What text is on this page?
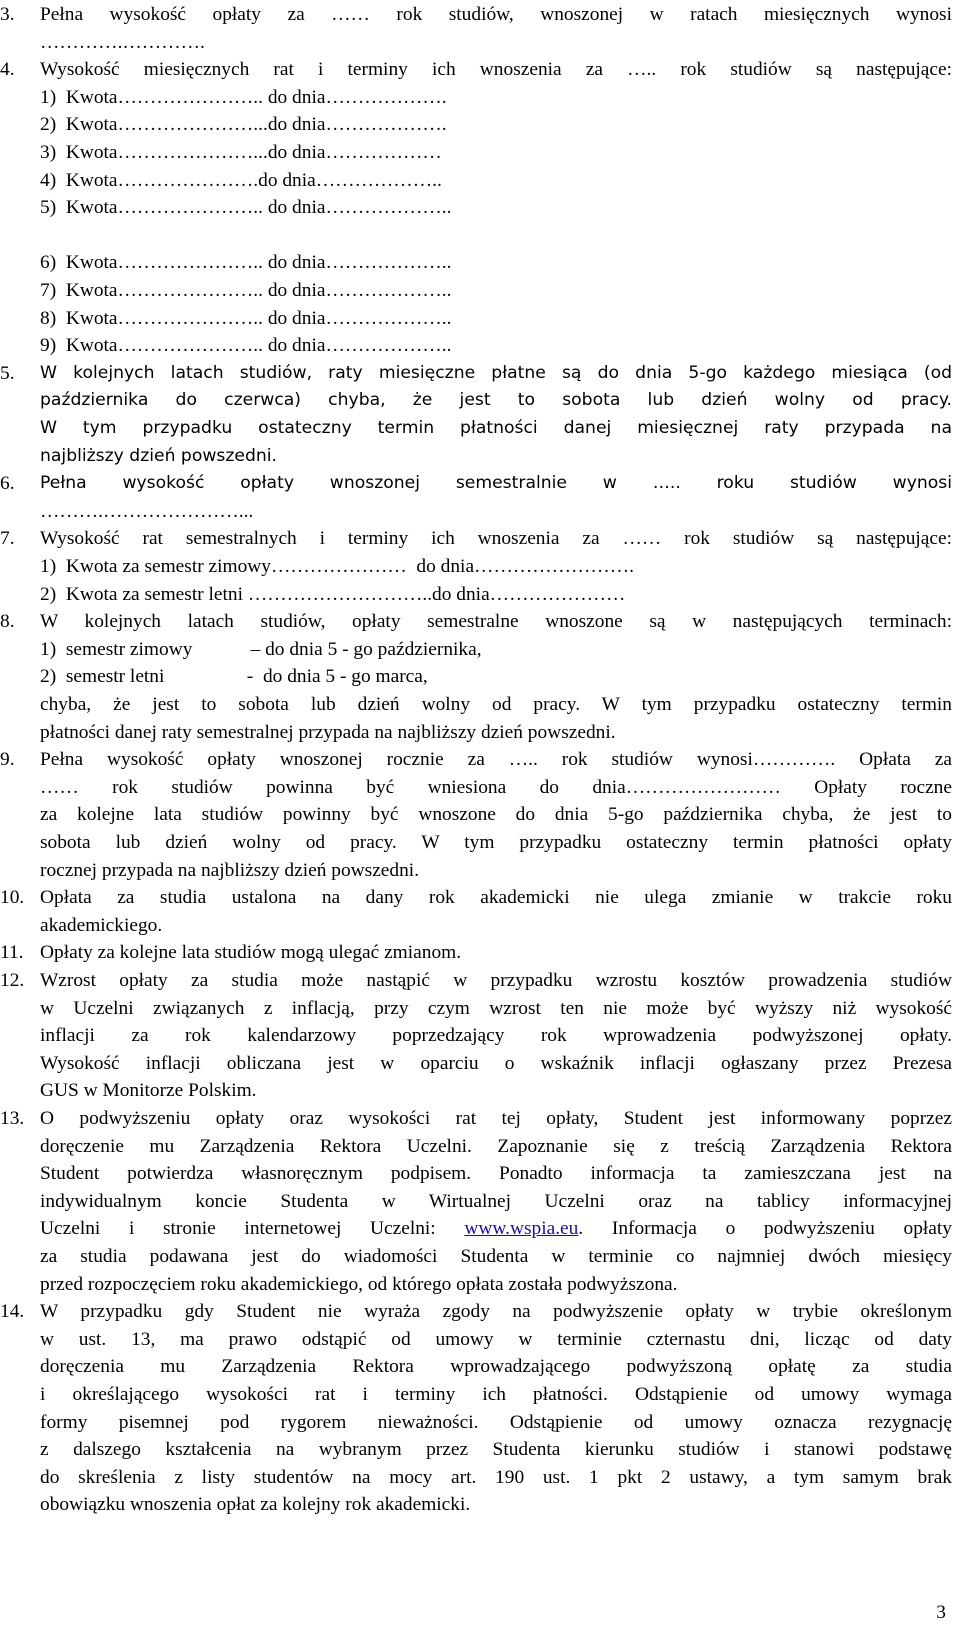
3. Pełna wysokość opłaty za …… rok studiów, wnoszonej w ratach miesięcznych wynosi
………….………….
4. Wysokość miesięcznych rat i terminy ich wnoszenia za ….. rok studiów są następujące:
1)  Kwota………………….. do dnia……………….
2)  Kwota…………………...do dnia……………….
3)  Kwota…………………...do dnia………………
4)  Kwota………………….do dnia………………..
5)  Kwota………………….. do dnia………………..
6)  Kwota………………….. do dnia………………..
7)  Kwota………………….. do dnia………………..
8)  Kwota………………….. do dnia………………..
9)  Kwota………………….. do dnia………………..
5. W kolejnych latach studiów, raty miesięczne płatne są do dnia 5-go każdego miesiąca (od
października do czerwca) chyba, że jest to sobota lub dzień wolny od pracy.
W tym przypadku ostateczny termin płatności danej miesięcznej raty przypada na
najbliższy dzień powszedni.
6. Pełna wysokość opłaty wnoszonej semestralnie w ….. roku studiów wynosi
……….…………………...
7. Wysokość rat semestralnych i terminy ich wnoszenia za …… rok studiów są następujące:
1)  Kwota za semestr zimowy…………………  do dnia…………………….
2)  Kwota za semestr letni ………………………..do dnia…………………
8. W kolejnych latach studiów, opłaty semestralne wnoszone są w następujących terminach:
1)  semestr zimowy            – do dnia 5 - go października,
2)  semestr letni                 -  do dnia 5 - go marca,
chyba, że jest to sobota lub dzień wolny od pracy. W tym przypadku ostateczny termin
płatności danej raty semestralnej przypada na najbliższy dzień powszedni.
9. Pełna wysokość opłaty wnoszonej rocznie za ….. rok studiów wynosi…………. Opłata za
…… rok studiów powinna być wniesiona do dnia…………………… Opłaty roczne
za kolejne lata studiów powinny być wnoszone do dnia 5-go października chyba, że jest to
sobota lub dzień wolny od pracy. W tym przypadku ostateczny termin płatności opłaty
rocznej przypada na najbliższy dzień powszedni.
10. Opłata za studia ustalona na dany rok akademicki nie ulega zmianie w trakcie roku
akademickiego.
11. Opłaty za kolejne lata studiów mogą ulegać zmianom.
12. Wzrost opłaty za studia może nastąpić w przypadku wzrostu kosztów prowadzenia studiów
w Uczelni związanych z inflacją, przy czym wzrost ten nie może być wyższy niż wysokość
inflacji za rok kalendarzowy poprzedzający rok wprowadzenia podwyższonej opłaty.
Wysokość inflacji obliczana jest w oparciu o wskaźnik inflacji ogłaszany przez Prezesa
GUS w Monitorze Polskim.
13. O podwyższeniu opłaty oraz wysokości rat tej opłaty, Student jest informowany poprzez
doręczenie mu Zarządzenia Rektora Uczelni. Zapoznanie się z treścią Zarządzenia Rektora
Student potwierdza własnoręcznym podpisem. Ponadto informacja ta zamieszczana jest na
indywidualnym koncie Studenta w Wirtualnej Uczelni oraz na tablicy informacyjnej
Uczelni i stronie internetowej Uczelni: www.wspia.eu. Informacja o podwyższeniu opłaty
za studia podawana jest do wiadomości Studenta w terminie co najmniej dwóch miesięcy
przed rozpoczęciem roku akademickiego, od którego opłata została podwyższona.
14. W przypadku gdy Student nie wyraża zgody na podwyższenie opłaty w trybie określonym
w ust. 13, ma prawo odstąpić od umowy w terminie czternastu dni, licząc od daty
doręczenia mu Zarządzenia Rektora wprowadzającego podwyższoną opłatę za studia
i określającego wysokości rat i terminy ich płatności. Odstąpienie od umowy wymaga
formy pisemnej pod rygorem nieważności. Odstąpienie od umowy oznacza rezygnację
z dalszego kształcenia na wybranym przez Studenta kierunku studiów i stanowi podstawę
do skreślenia z listy studentów na mocy art. 190 ust. 1 pkt 2 ustawy, a tym samym brak
obowiązku wnoszenia opłat za kolejny rok akademicki.
3
